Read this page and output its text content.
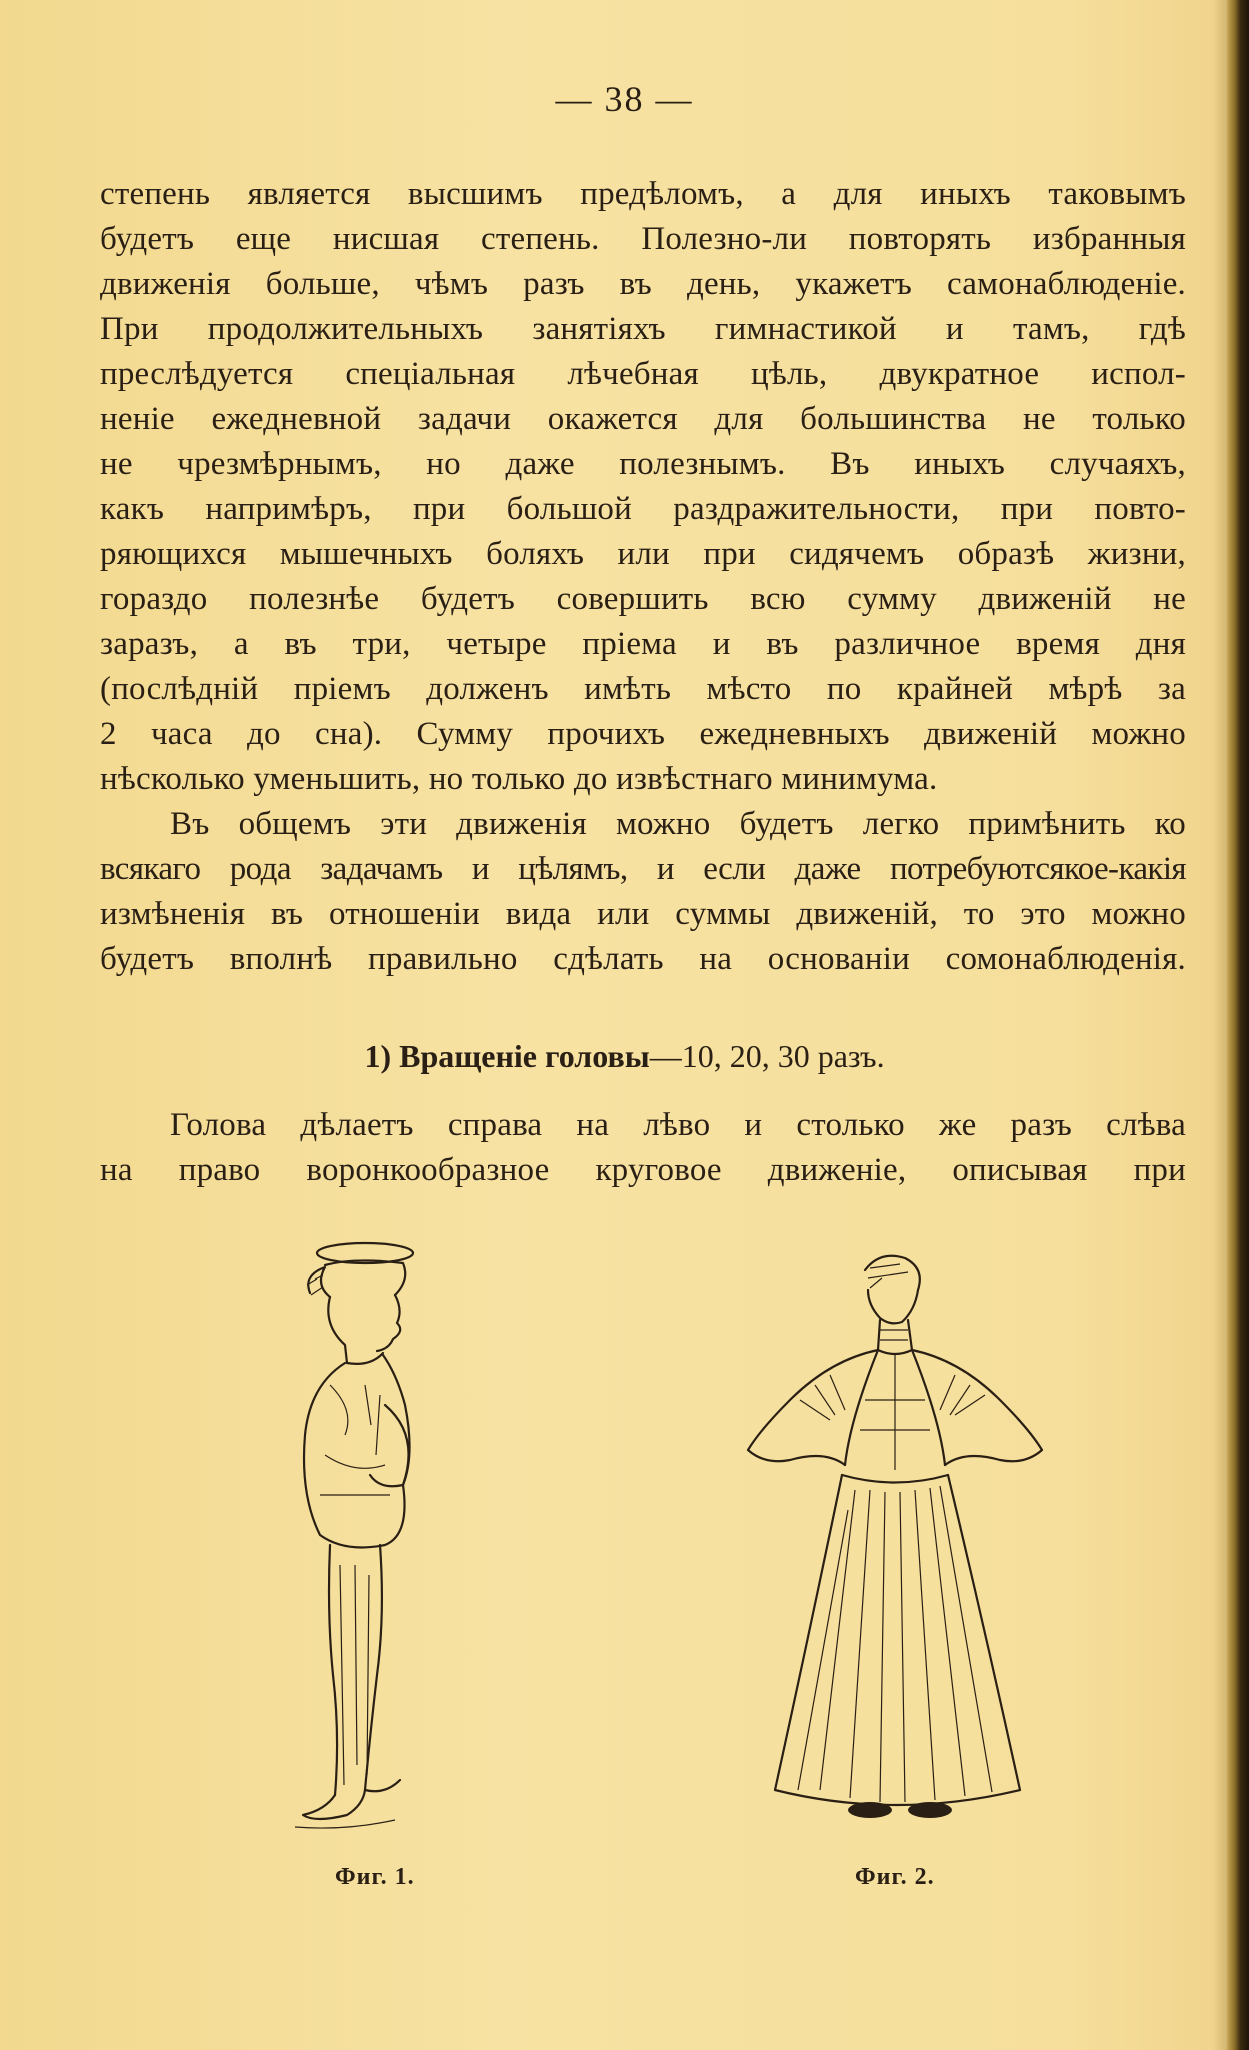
— 38 —
степень является высшимъ предѣломъ, а для иныхъ таковымъ
будетъ еще нисшая степень. Полезно-ли повторять избранныя
движенія больше, чѣмъ разъ въ день, укажетъ самонаблюденіе.
При продолжительныхъ занятіяхъ гимнастикой и тамъ, гдѣ
преслѣдуется спеціальная лѣчебная цѣль, двукратное испол-
неніе ежедневной задачи окажется для большинства не только
не чрезмѣрнымъ, но даже полезнымъ. Въ иныхъ случаяхъ,
какъ напримѣръ, при большой раздражительности, при повто-
ряющихся мышечныхъ боляхъ или при сидячемъ образѣ жизни,
гораздо полезнѣе будетъ совершить всю сумму движеній не
заразъ, а въ три, четыре пріема и въ различное время дня
(послѣдній пріемъ долженъ имѣть мѣсто по крайней мѣрѣ за
2 часа до сна). Сумму прочихъ ежедневныхъ движеній можно
нѣсколько уменьшить, но только до извѣстнаго минимума.
Въ общемъ эти движенія можно будетъ легко примѣнить ко
всякаго рода задачамъ и цѣлямъ, и если даже потребуютсякое-какія
измѣненія въ отношеніи вида или суммы движеній, то это можно
будетъ вполнѣ правильно сдѣлать на основаніи сомонаблюденія.
1) Вращеніе головы—10, 20, 30 разъ.
Голова дѣлаетъ справа на лѣво и столько же разъ слѣва
на право воронкообразное круговое движеніе, описывая при
Фиг. 1.	Фиг. 2.
